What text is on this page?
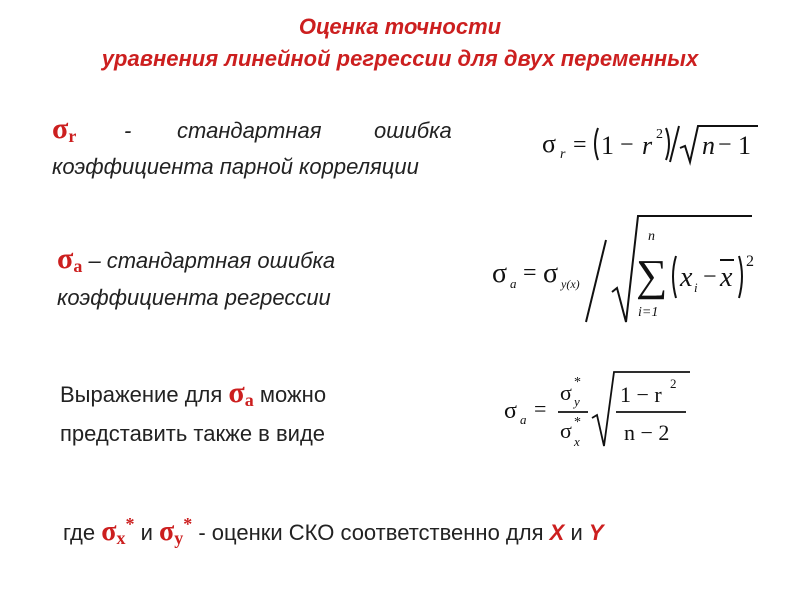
Оценка точности
уравнения линейной регрессии для двух переменных
$\sigma_r$ - стандартная ошибка
коэффициента парной корреляции
σ r = 1 − r 2 n − 1
$\sigma_a$ – стандартная ошибка
коэффициента регрессии
σ a = σ y(x)
n
∑
i=1
x i − x
2
Выражение для $\sigma_a$ можно
представить также в виде
σ a =
σ *
y
σ *
x
1 − r 2
n − 2
где σx* и σy* - оценки СКО соответственно для X и Y
